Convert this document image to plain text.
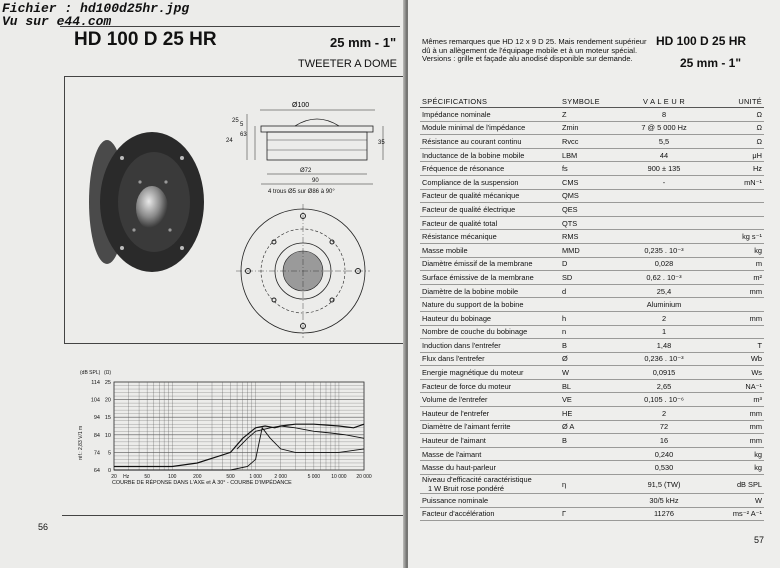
HD 100 D 25 HR	25 mm - 1"
TWEETER A DOME
Ø100
25
24
5
63
35
Ø72
90
4 trous Ø5 sur Ø86 à 90°
(dB SPL) (Ω)
réf.: 2,83 V/1 m
114
104
94
84
74
64
25
20
15
10
5
0
20 Hz	50	100	200	500	1 000	2 000	5 000 10 000 20 000
COURBE DE RÉPONSE DANS L'AXE et À 30° - COURBE D'IMPÉDANCE
56
Mêmes remarques que HD 12 x 9 D 25. Mais rendement supérieur dû à un allègement de l'équipage mobile et à un moteur spécial. Versions : grille et façade alu anodisé disponible sur demande.
HD 100 D 25 HR
25 mm - 1"
SPÉCIFICATIONS	SYMBOLE	V A L E U R	UNITÉ
Impédance nominale	Z	8	Ω
Module minimal de l'impédance	Zmin	7 @ 5 000 Hz	Ω
Résistance au courant continu	Rvcc	5,5	Ω
Inductance de la bobine mobile	LBM	44	μH
Fréquence de résonance	fs	900 ± 135	Hz
Compliance de la suspension	CMS	-	mN⁻¹
Facteur de qualité mécanique	QMS		
Facteur de qualité électrique	QES		
Facteur de qualité total	QTS		
Résistance mécanique	RMS		kg s⁻¹
Masse mobile	MMD	0,235 . 10⁻³	kg
Diamètre émissif de la membrane	D	0,028	m
Surface émissive de la membrane	SD	0,62 . 10⁻³	m²
Diamètre de la bobine mobile	d	25,4	mm
Nature du support de la bobine		Aluminium	
Hauteur du bobinage	h	2	mm
Nombre de couche du bobinage	n	1	
Induction dans l'entrefer	B	1,48	T
Flux dans l'entrefer	Ø	0,236 . 10⁻³	Wb
Energie magnétique du moteur	W	0,0915	Ws
Facteur de force du moteur	BL	2,65	NA⁻¹
Volume de l'entrefer	VE	0,105 . 10⁻⁶	m³
Hauteur de l'entrefer	HE	2	mm
Diamètre de l'aimant ferrite	Ø A	72	mm
Hauteur de l'aimant	B	16	mm
Masse de l'aimant		0,240	kg
Masse du haut-parleur		0,530	kg

Niveau d'efficacité caractéristique
1 W Bruit rose pondéré	η	91,5 (TW)	dB SPL
Puissance nominale		30/5 kHz	W
Facteur d'accélération	Γ	11276	ms⁻² A⁻¹
57
Fichier : hd100d25hr.jpg
Vu sur e44.com
